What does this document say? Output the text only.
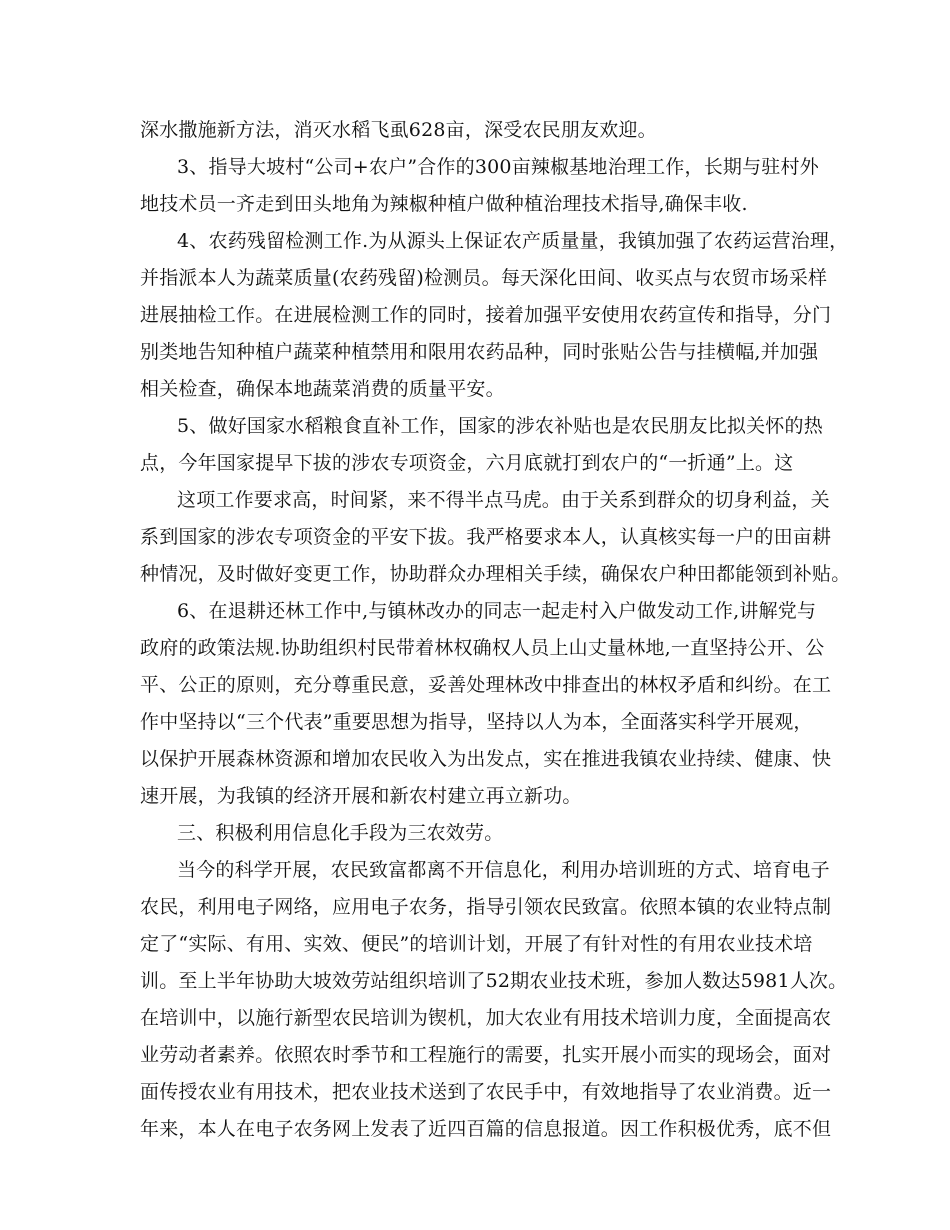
深水撒施新方法，消灭水稻飞虱628亩，深受农民朋友欢迎。
3、指导大坡村“公司+农户”合作的300亩辣椒基地治理工作，长期与驻村外
地技术员一齐走到田头地角为辣椒种植户做种植治理技术指导,确保丰收.
4、农药残留检测工作.为从源头上保证农产质量量，我镇加强了农药运营治理，
并指派本人为蔬菜质量(农药残留)检测员。每天深化田间、收买点与农贸市场采样
进展抽检工作。在进展检测工作的同时，接着加强平安使用农药宣传和指导，分门
别类地告知种植户蔬菜种植禁用和限用农药品种，同时张贴公告与挂横幅,并加强
相关检查，确保本地蔬菜消费的质量平安。
5、做好国家水稻粮食直补工作，国家的涉农补贴也是农民朋友比拟关怀的热
点，今年国家提早下拔的涉农专项资金，六月底就打到农户的“一折通”上。这
这项工作要求高，时间紧，来不得半点马虎。由于关系到群众的切身利益，关
系到国家的涉农专项资金的平安下拔。我严格要求本人，认真核实每一户的田亩耕
种情况，及时做好变更工作，协助群众办理相关手续，确保农户种田都能领到补贴。
6、在退耕还林工作中,与镇林改办的同志一起走村入户做发动工作,讲解党与
政府的政策法规.协助组织村民带着林权确权人员上山丈量林地,一直坚持公开、公
平、公正的原则，充分尊重民意，妥善处理林改中排查出的林权矛盾和纠纷。在工
作中坚持以“三个代表”重要思想为指导，坚持以人为本，全面落实科学开展观，
以保护开展森林资源和增加农民收入为出发点，实在推进我镇农业持续、健康、快
速开展，为我镇的经济开展和新农村建立再立新功。
三、积极利用信息化手段为三农效劳。
当今的科学开展，农民致富都离不开信息化，利用办培训班的方式、培育电子
农民，利用电子网络，应用电子农务，指导引领农民致富。依照本镇的农业特点制
定了“实际、有用、实效、便民”的培训计划，开展了有针对性的有用农业技术培
训。至上半年协助大坡效劳站组织培训了52期农业技术班，参加人数达5981人次。
在培训中，以施行新型农民培训为锲机，加大农业有用技术培训力度，全面提高农
业劳动者素养。依照农时季节和工程施行的需要，扎实开展小而实的现场会，面对
面传授农业有用技术，把农业技术送到了农民手中，有效地指导了农业消费。近一
年来，本人在电子农务网上发表了近四百篇的信息报道。因工作积极优秀，底不但
